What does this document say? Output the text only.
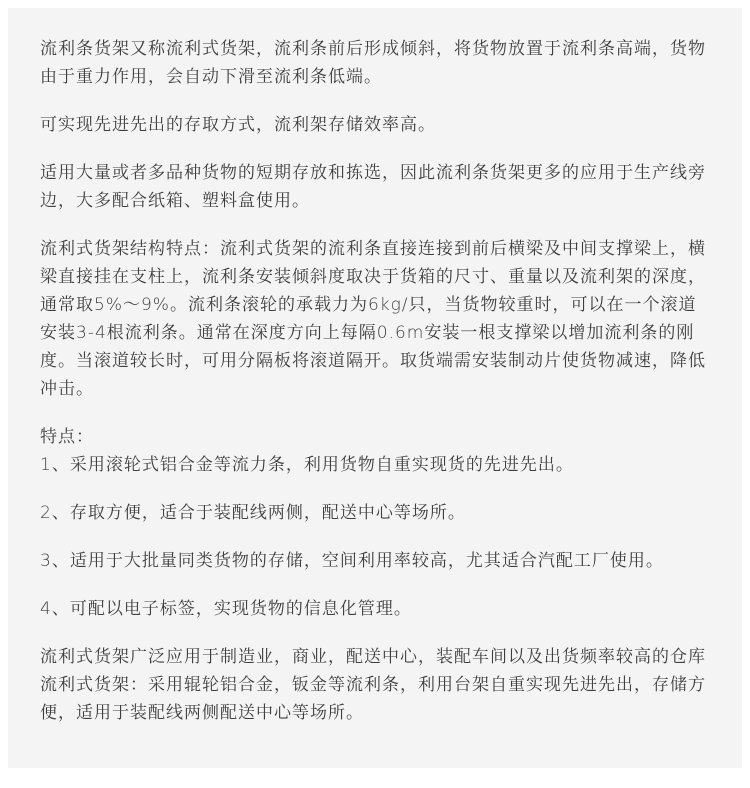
流利条货架又称流利式货架，流利条前后形成倾斜，将货物放置于流利条高端，货物由于重力作用，会自动下滑至流利条低端。

可实现先进先出的存取方式，流利架存储效率高。

适用大量或者多品种货物的短期存放和拣选，因此流利条货架更多的应用于生产线旁边，大多配合纸箱、塑料盒使用。

流利式货架结构特点：流利式货架的流利条直接连接到前后横梁及中间支撑梁上，横梁直接挂在支柱上，流利条安装倾斜度取决于货箱的尺寸、重量以及流利架的深度，通常取5%～9%。流利条滚轮的承载力为6kg/只，当货物较重时，可以在一个滚道安装3-4根流利条。通常在深度方向上每隔0.6m安装一根支撑梁以增加流利条的刚度。当滚道较长时，可用分隔板将滚道隔开。取货端需安装制动片使货物减速，降低冲击。

特点：

1、采用滚轮式铝合金等流力条，利用货物自重实现货的先进先出。

2、存取方便，适合于装配线两侧，配送中心等场所。

3、适用于大批量同类货物的存储，空间利用率较高，尤其适合汽配工厂使用。

4、可配以电子标签，实现货物的信息化管理。

流利式货架广泛应用于制造业，商业，配送中心，装配车间以及出货频率较高的仓库流利式货架：采用辊轮铝合金，钣金等流利条，利用台架自重实现先进先出，存储方便，适用于装配线两侧配送中心等场所。
